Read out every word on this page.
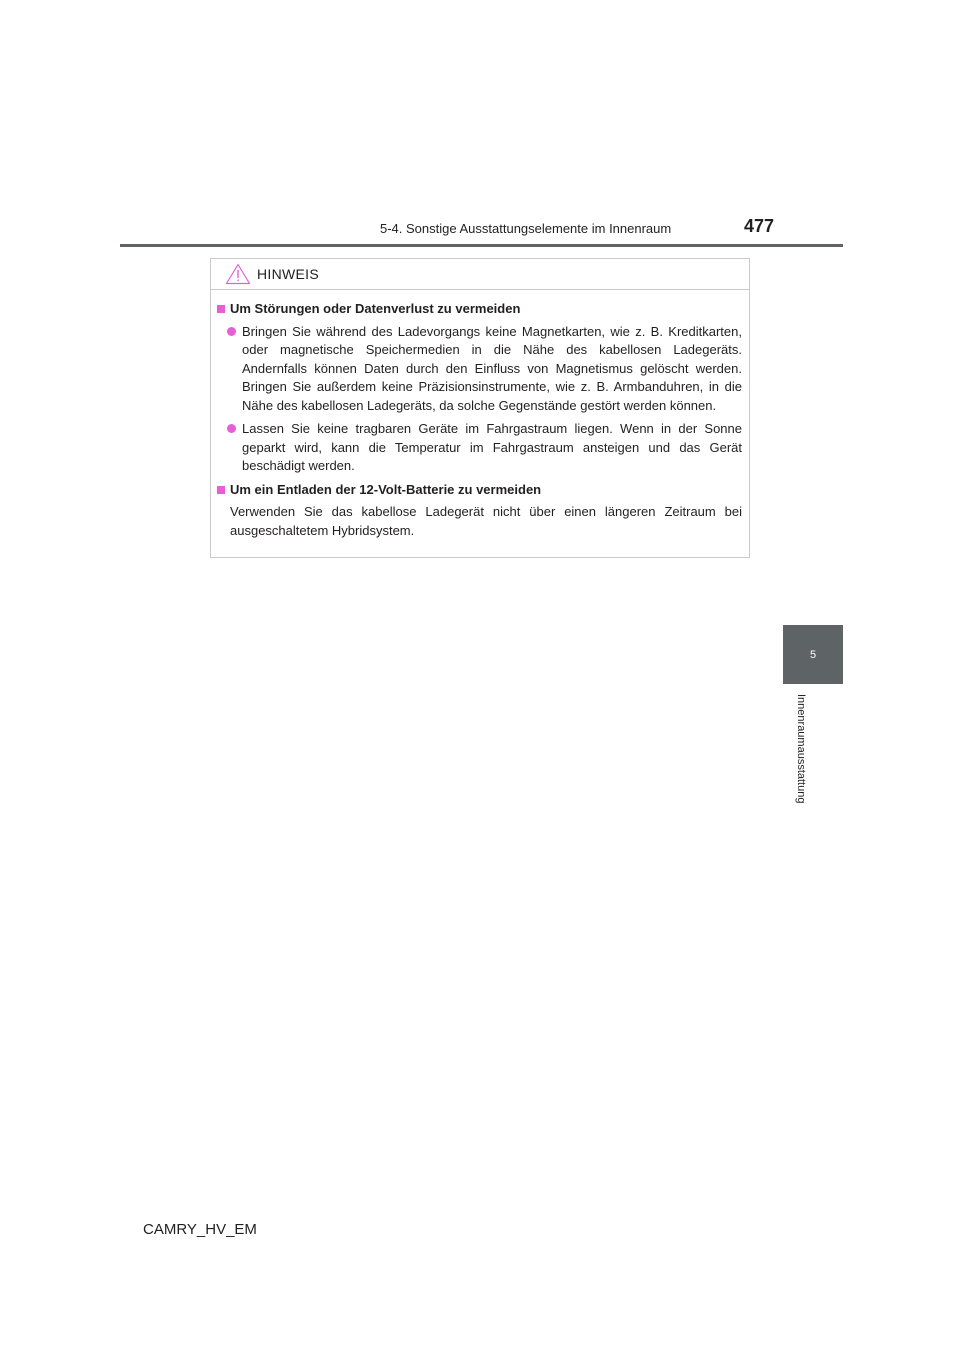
5-4. Sonstige Ausstattungselemente im Innenraum	477
5
Innenraumausstattung
HINWEIS
Um Störungen oder Datenverlust zu vermeiden
Bringen Sie während des Ladevorgangs keine Magnetkarten, wie z. B. Kreditkarten, oder magnetische Speichermedien in die Nähe des kabellosen Ladegeräts. Andernfalls können Daten durch den Einfluss von Magnetismus gelöscht werden. Bringen Sie außerdem keine Präzisionsinstrumente, wie z. B. Armbanduhren, in die Nähe des kabellosen Ladegeräts, da solche Gegenstände gestört werden können.
Lassen Sie keine tragbaren Geräte im Fahrgastraum liegen. Wenn in der Sonne geparkt wird, kann die Temperatur im Fahrgastraum ansteigen und das Gerät beschädigt werden.
Um ein Entladen der 12-Volt-Batterie zu vermeiden
Verwenden Sie das kabellose Ladegerät nicht über einen längeren Zeitraum bei ausgeschaltetem Hybridsystem.
CAMRY_HV_EM
